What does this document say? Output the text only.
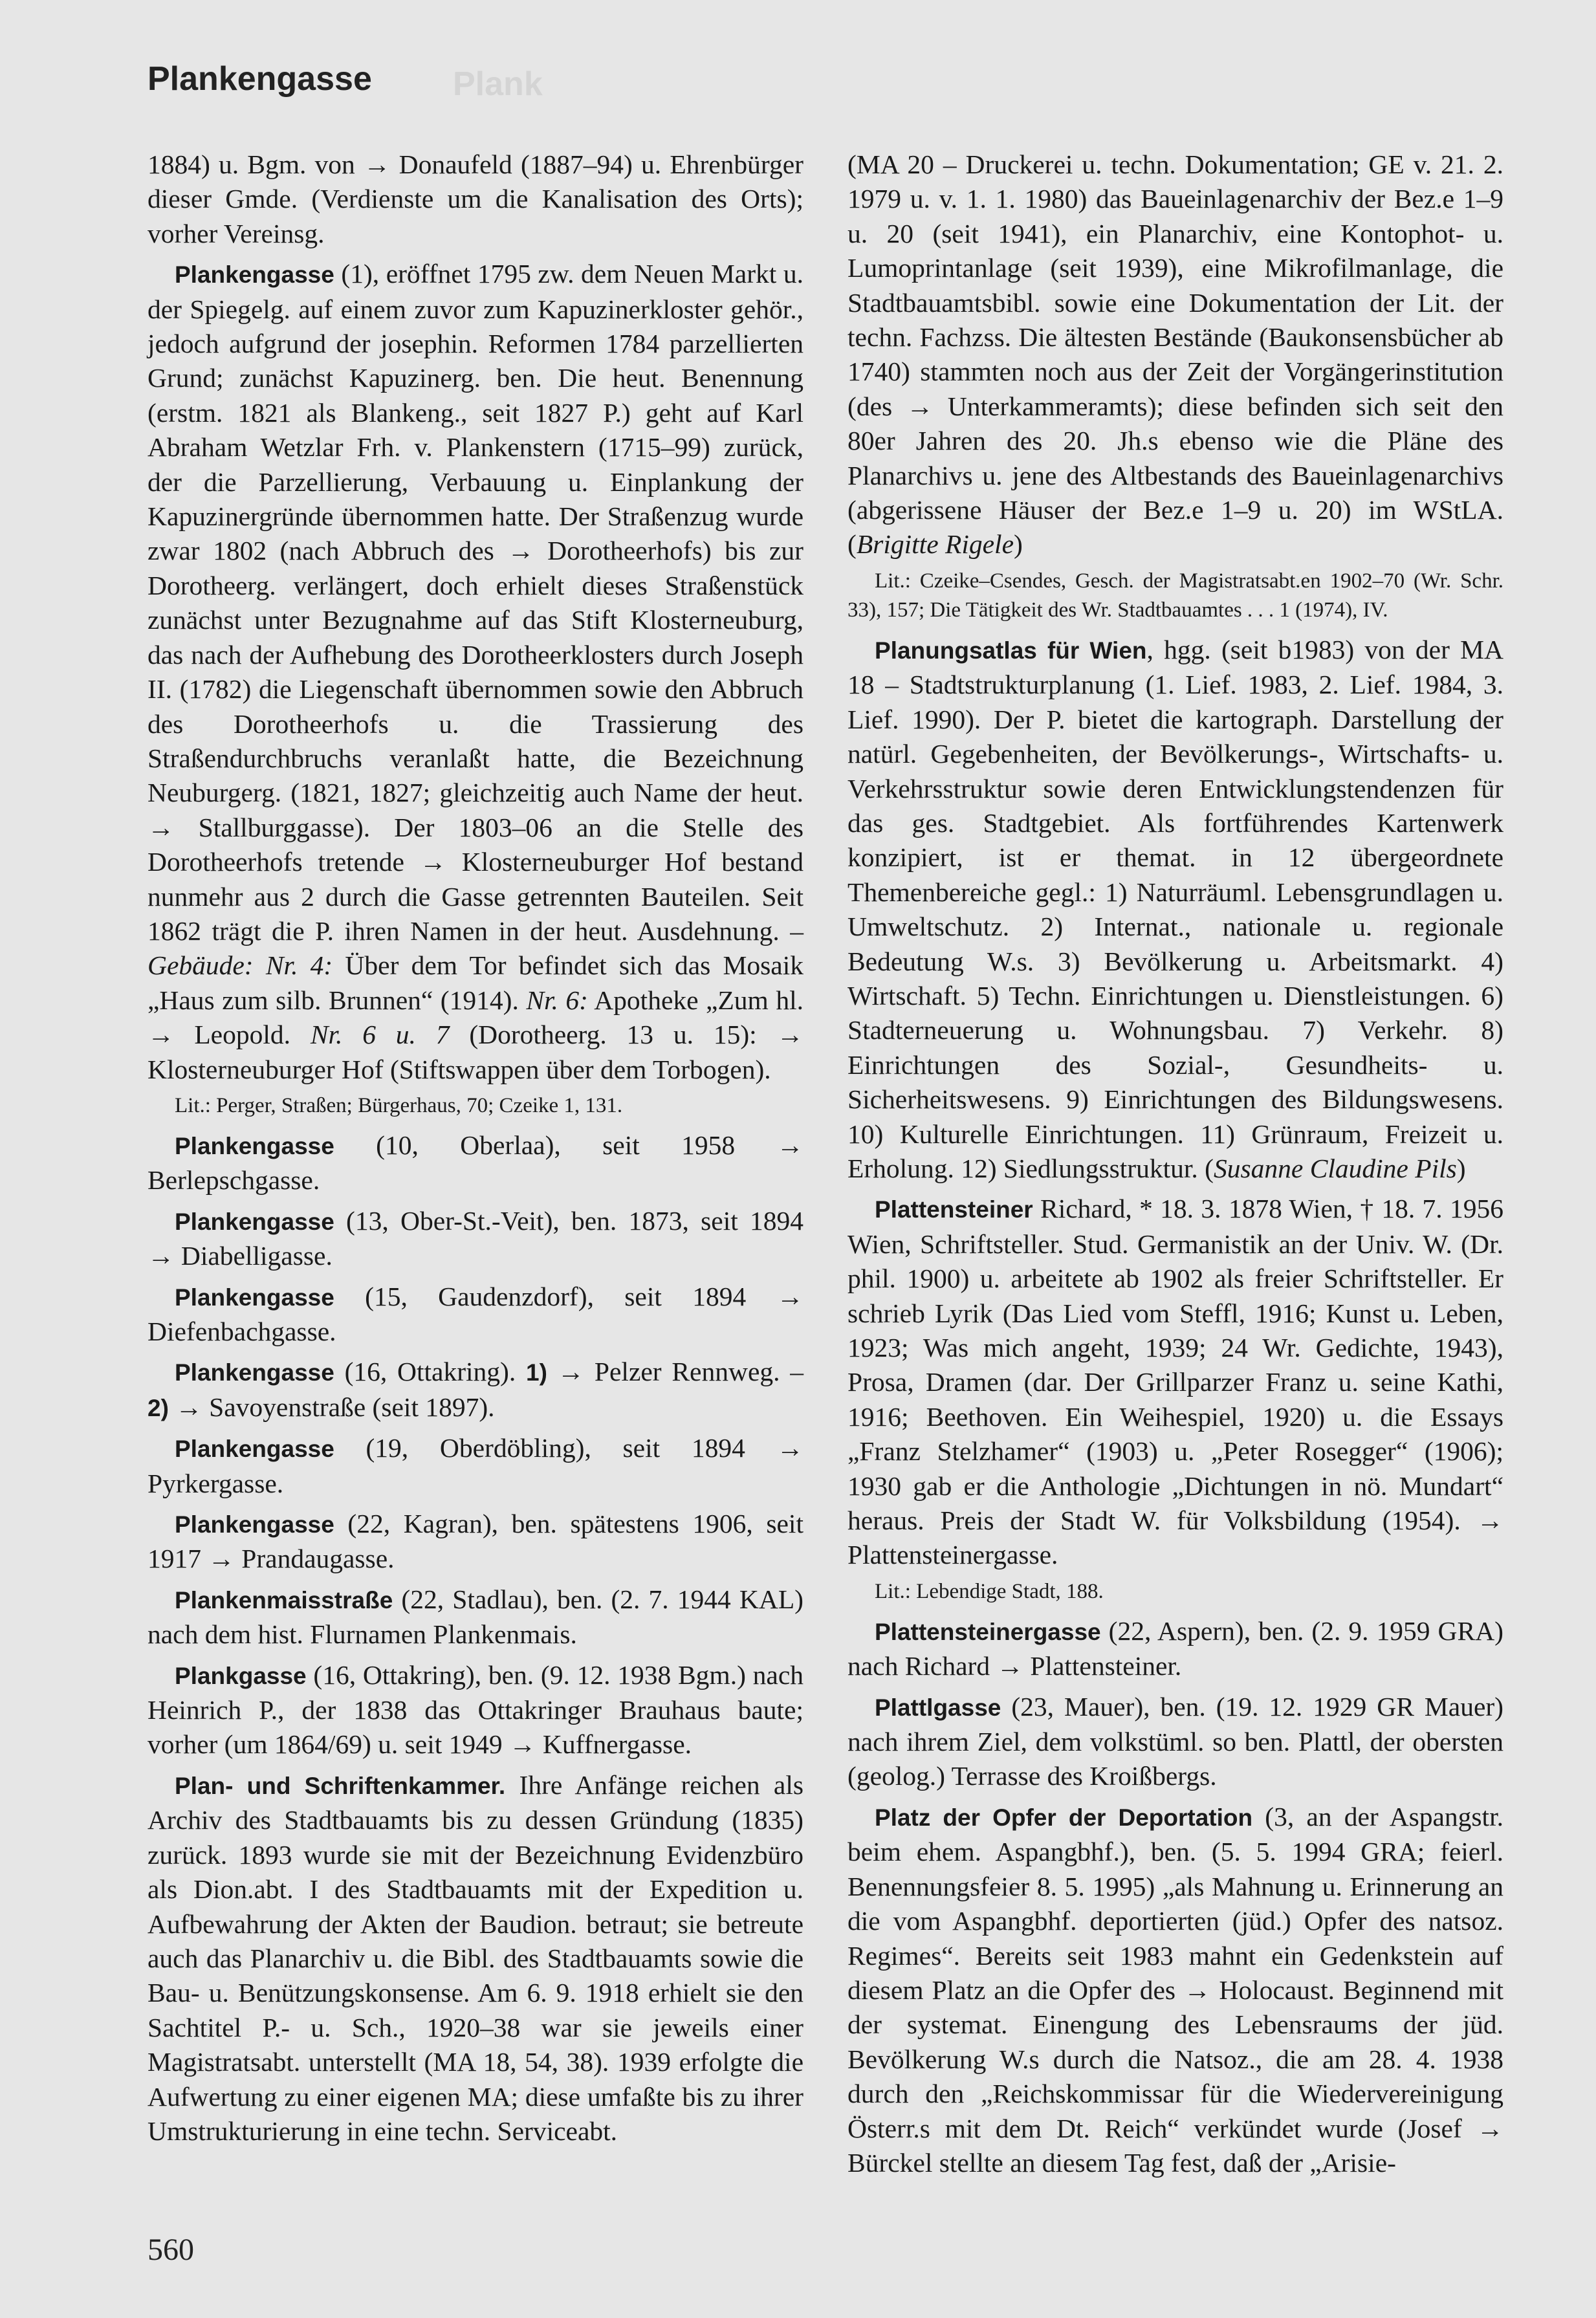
Plank
Plankengasse

1884) u. Bgm. von → Donaufeld (1887–94) u. Ehrenbürger dieser Gmde. (Verdienste um die Kanalisation des Orts); vorher Vereinsg.

Plankengasse (1), eröffnet 1795 zw. dem Neuen Markt u. der Spiegelg. auf einem zuvor zum Kapuzinerkloster gehör., jedoch aufgrund der josephin. Reformen 1784 parzellierten Grund; zunächst Kapuzinerg. ben. Die heut. Benennung (erstm. 1821 als Blankeng., seit 1827 P.) geht auf Karl Abraham Wetzlar Frh. v. Plankenstern (1715–99) zurück, der die Parzellierung, Verbauung u. Einplankung der Kapuzinergründe übernommen hatte. Der Straßenzug wurde zwar 1802 (nach Abbruch des → Dorotheerhofs) bis zur Dorotheerg. verlängert, doch erhielt dieses Straßenstück zunächst unter Bezugnahme auf das Stift Klosterneuburg, das nach der Aufhebung des Dorotheerklosters durch Joseph II. (1782) die Liegenschaft übernommen sowie den Abbruch des Dorotheerhofs u. die Trassierung des Straßendurchbruchs veranlaßt hatte, die Bezeichnung Neuburgerg. (1821, 1827; gleichzeitig auch Name der heut. → Stallburggasse). Der 1803–06 an die Stelle des Dorotheerhofs tretende → Klosterneuburger Hof bestand nunmehr aus 2 durch die Gasse getrennten Bauteilen. Seit 1862 trägt die P. ihren Namen in der heut. Ausdehnung. – Gebäude: Nr. 4: Über dem Tor befindet sich das Mosaik „Haus zum silb. Brunnen“ (1914). Nr. 6: Apotheke „Zum hl. → Leopold. Nr. 6 u. 7 (Dorotheerg. 13 u. 15): → Klosterneuburger Hof (Stiftswappen über dem Torbogen).

Lit.: Perger, Straßen; Bürgerhaus, 70; Czeike 1, 131.

Plankengasse (10, Oberlaa), seit 1958 → Berlepschgasse.

Plankengasse (13, Ober-St.-Veit), ben. 1873, seit 1894 → Diabelligasse.

Plankengasse (15, Gaudenzdorf), seit 1894 → Diefenbachgasse.

Plankengasse (16, Ottakring). 1) → Pelzer Rennweg. – 2) → Savoyenstraße (seit 1897).

Plankengasse (19, Oberdöbling), seit 1894 → Pyrkergasse.

Plankengasse (22, Kagran), ben. spätestens 1906, seit 1917 → Prandaugasse.

Plankenmaisstraße (22, Stadlau), ben. (2. 7. 1944 KAL) nach dem hist. Flurnamen Plankenmais.

Plankgasse (16, Ottakring), ben. (9. 12. 1938 Bgm.) nach Heinrich P., der 1838 das Ottakringer Brauhaus baute; vorher (um 1864/69) u. seit 1949 → Kuffnergasse.

Plan- und Schriftenkammer. Ihre Anfänge reichen als Archiv des Stadtbauamts bis zu dessen Gründung (1835) zurück. 1893 wurde sie mit der Bezeichnung Evidenzbüro als Dion.abt. I des Stadtbauamts mit der Expedition u. Aufbewahrung der Akten der Baudion. betraut; sie betreute auch das Planarchiv u. die Bibl. des Stadtbauamts sowie die Bau- u. Benützungskonsense. Am 6. 9. 1918 erhielt sie den Sachtitel P.- u. Sch., 1920–38 war sie jeweils einer Magistratsabt. unterstellt (MA 18, 54, 38). 1939 erfolgte die Aufwertung zu einer eigenen MA; diese umfaßte bis zu ihrer Umstrukturierung in eine techn. Serviceabt.

(MA 20 – Druckerei u. techn. Dokumentation; GE v. 21. 2. 1979 u. v. 1. 1. 1980) das Baueinlagenarchiv der Bez.e 1–9 u. 20 (seit 1941), ein Planarchiv, eine Kontophot- u. Lumoprintanlage (seit 1939), eine Mikrofilmanlage, die Stadtbauamtsbibl. sowie eine Dokumentation der Lit. der techn. Fachzss. Die ältesten Bestände (Baukonsensbücher ab 1740) stammten noch aus der Zeit der Vorgängerinstitution (des → Unterkammeramts); diese befinden sich seit den 80er Jahren des 20. Jh.s ebenso wie die Pläne des Planarchivs u. jene des Altbestands des Baueinlagenarchivs (abgerissene Häuser der Bez.e 1–9 u. 20) im WStLA. (Brigitte Rigele)

Lit.: Czeike–Csendes, Gesch. der Magistratsabt.en 1902–70 (Wr. Schr. 33), 157; Die Tätigkeit des Wr. Stadtbauamtes . . . 1 (1974), IV.

Planungsatlas für Wien, hgg. (seit b1983) von der MA 18 – Stadtstrukturplanung (1. Lief. 1983, 2. Lief. 1984, 3. Lief. 1990). Der P. bietet die kartograph. Darstellung der natürl. Gegebenheiten, der Bevölkerungs-, Wirtschafts- u. Verkehrsstruktur sowie deren Entwicklungstendenzen für das ges. Stadtgebiet. Als fortführendes Kartenwerk konzipiert, ist er themat. in 12 übergeordnete Themenbereiche gegl.: 1) Naturräuml. Lebensgrundlagen u. Umweltschutz. 2) Internat., nationale u. regionale Bedeutung W.s. 3) Bevölkerung u. Arbeitsmarkt. 4) Wirtschaft. 5) Techn. Einrichtungen u. Dienstleistungen. 6) Stadterneuerung u. Wohnungsbau. 7) Verkehr. 8) Einrichtungen des Sozial-, Gesundheits- u. Sicherheitswesens. 9) Einrichtungen des Bildungswesens. 10) Kulturelle Einrichtungen. 11) Grünraum, Freizeit u. Erholung. 12) Siedlungsstruktur. (Susanne Claudine Pils)

Plattensteiner Richard, * 18. 3. 1878 Wien, † 18. 7. 1956 Wien, Schriftsteller. Stud. Germanistik an der Univ. W. (Dr. phil. 1900) u. arbeitete ab 1902 als freier Schriftsteller. Er schrieb Lyrik (Das Lied vom Steffl, 1916; Kunst u. Leben, 1923; Was mich angeht, 1939; 24 Wr. Gedichte, 1943), Prosa, Dramen (dar. Der Grillparzer Franz u. seine Kathi, 1916; Beethoven. Ein Weihespiel, 1920) u. die Essays „Franz Stelzhamer“ (1903) u. „Peter Rosegger“ (1906); 1930 gab er die Anthologie „Dichtungen in nö. Mundart“ heraus. Preis der Stadt W. für Volksbildung (1954). → Plattensteinergasse.

Lit.: Lebendige Stadt, 188.

Plattensteinergasse (22, Aspern), ben. (2. 9. 1959 GRA) nach Richard → Plattensteiner.

Plattlgasse (23, Mauer), ben. (19. 12. 1929 GR Mauer) nach ihrem Ziel, dem volkstüml. so ben. Plattl, der obersten (geolog.) Terrasse des Kroißbergs.

Platz der Opfer der Deportation (3, an der Aspangstr. beim ehem. Aspangbhf.), ben. (5. 5. 1994 GRA; feierl. Benennungsfeier 8. 5. 1995) „als Mahnung u. Erinnerung an die vom Aspangbhf. deportierten (jüd.) Opfer des natsoz. Regimes“. Bereits seit 1983 mahnt ein Gedenkstein auf diesem Platz an die Opfer des → Holocaust. Beginnend mit der systemat. Einengung des Lebensraums der jüd. Bevölkerung W.s durch die Natsoz., die am 28. 4. 1938 durch den „Reichskommissar für die Wiedervereinigung Österr.s mit dem Dt. Reich“ verkündet wurde (Josef → Bürckel stellte an diesem Tag fest, daß der „Arisie-

560
